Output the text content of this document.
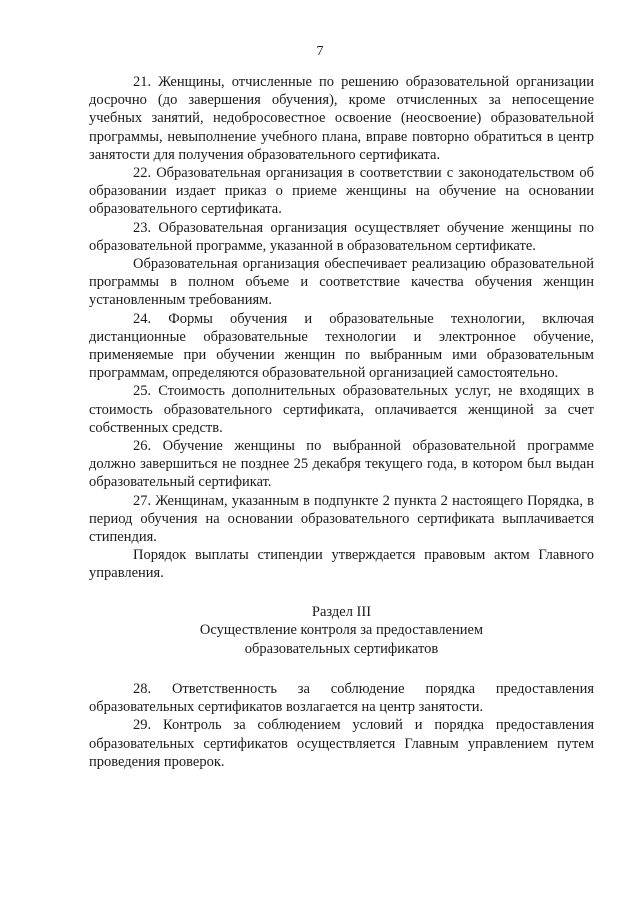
7

21. Женщины, отчисленные по решению образовательной организации досрочно (до завершения обучения), кроме отчисленных за непосещение учебных занятий, недобросовестное освоение (неосвоение) образовательной программы, невыполнение учебного плана, вправе повторно обратиться в центр занятости для получения образовательного сертификата.

22. Образовательная организация в соответствии с законодательством об образовании издает приказ о приеме женщины на обучение на основании образовательного сертификата.

23. Образовательная организация осуществляет обучение женщины по образовательной программе, указанной в образовательном сертификате.

Образовательная организация обеспечивает реализацию образовательной программы в полном объеме и соответствие качества обучения женщин установленным требованиям.

24. Формы обучения и образовательные технологии, включая дистанционные образовательные технологии и электронное обучение, применяемые при обучении женщин по выбранным ими образовательным программам, определяются образовательной организацией самостоятельно.

25. Стоимость дополнительных образовательных услуг, не входящих в стоимость образовательного сертификата, оплачивается женщиной за счет собственных средств.

26. Обучение женщины по выбранной образовательной программе должно завершиться не позднее 25 декабря текущего года, в котором был выдан образовательный сертификат.

27. Женщинам, указанным в подпункте 2 пункта 2 настоящего Порядка, в период обучения на основании образовательного сертификата выплачивается стипендия.

Порядок выплаты стипендии утверждается правовым актом Главного управления.

Раздел III
Осуществление контроля за предоставлением
образовательных сертификатов

28. Ответственность за соблюдение порядка предоставления образовательных сертификатов возлагается на центр занятости.

29. Контроль за соблюдением условий и порядка предоставления образовательных сертификатов осуществляется Главным управлением путем проведения проверок.
